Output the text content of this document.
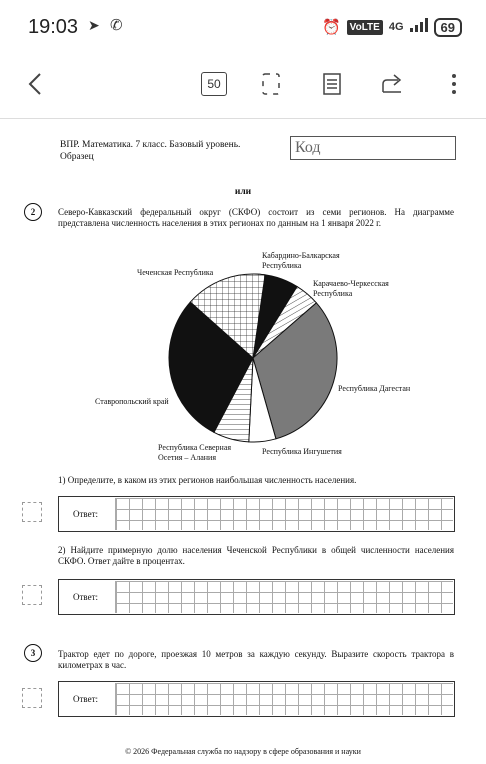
19:03 ➤ ✆	⏰ VoLTE 4G	69
50
ВПР. Математика. 7 класс. Базовый уровень.
Образец
Код
или
2	Северо-Кавказский федеральный округ (СКФО) состоит из семи регионов. На диаграмме представлена численность населения в этих регионах по данным на 1 января 2022 г.
Кабардино-Балкарская
Республика
Карачаево-Черкесская
Республика
Республика Дагестан
Республика Ингушетия
Республика Северная
Осетия – Алания
Ставропольский край
Чеченская Республика
1) Определите, в каком из этих регионов наибольшая численность населения.
Ответ:
2) Найдите примерную долю населения Чеченской Республики в общей численности населения СКФО. Ответ дайте в процентах.
Ответ:
3	Трактор едет по дороге, проезжая 10 метров за каждую секунду. Выразите скорость трактора в километрах в час.
Ответ:
© 2026 Федеральная служба по надзору в сфере образования и науки
